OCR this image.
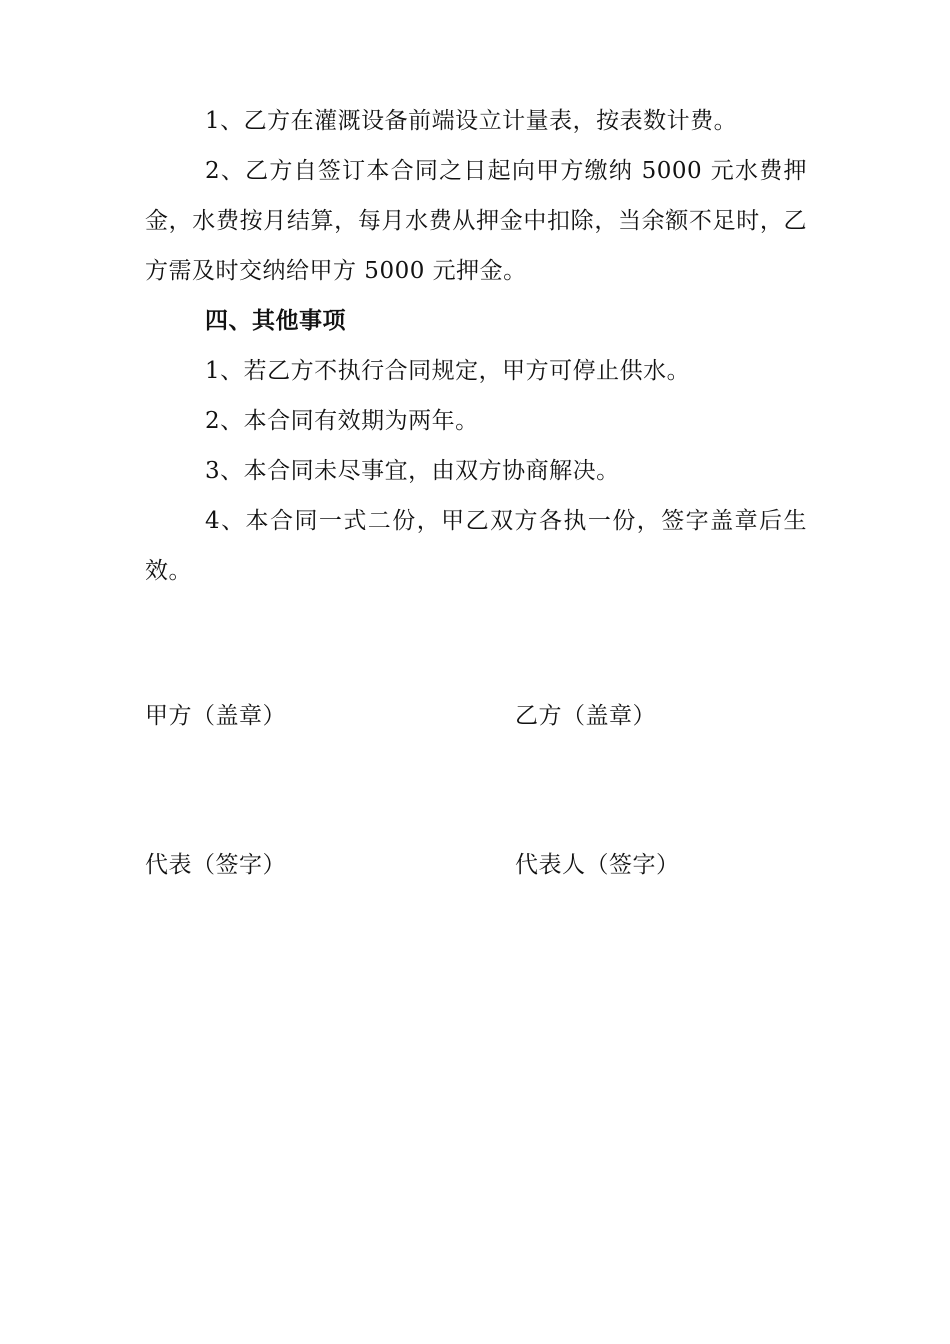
1、乙方在灌溉设备前端设立计量表，按表数计费。

2、乙方自签订本合同之日起向甲方缴纳 5000 元水费押金，水费按月结算，每月水费从押金中扣除，当余额不足时，乙方需及时交纳给甲方 5000 元押金。

四、其他事项

1、若乙方不执行合同规定，甲方可停止供水。

2、本合同有效期为两年。

3、本合同未尽事宜，由双方协商解决。

4、本合同一式二份，甲乙双方各执一份，签字盖章后生效。

甲方（盖章）	乙方（盖章）
代表（签字）	代表人（签字）
